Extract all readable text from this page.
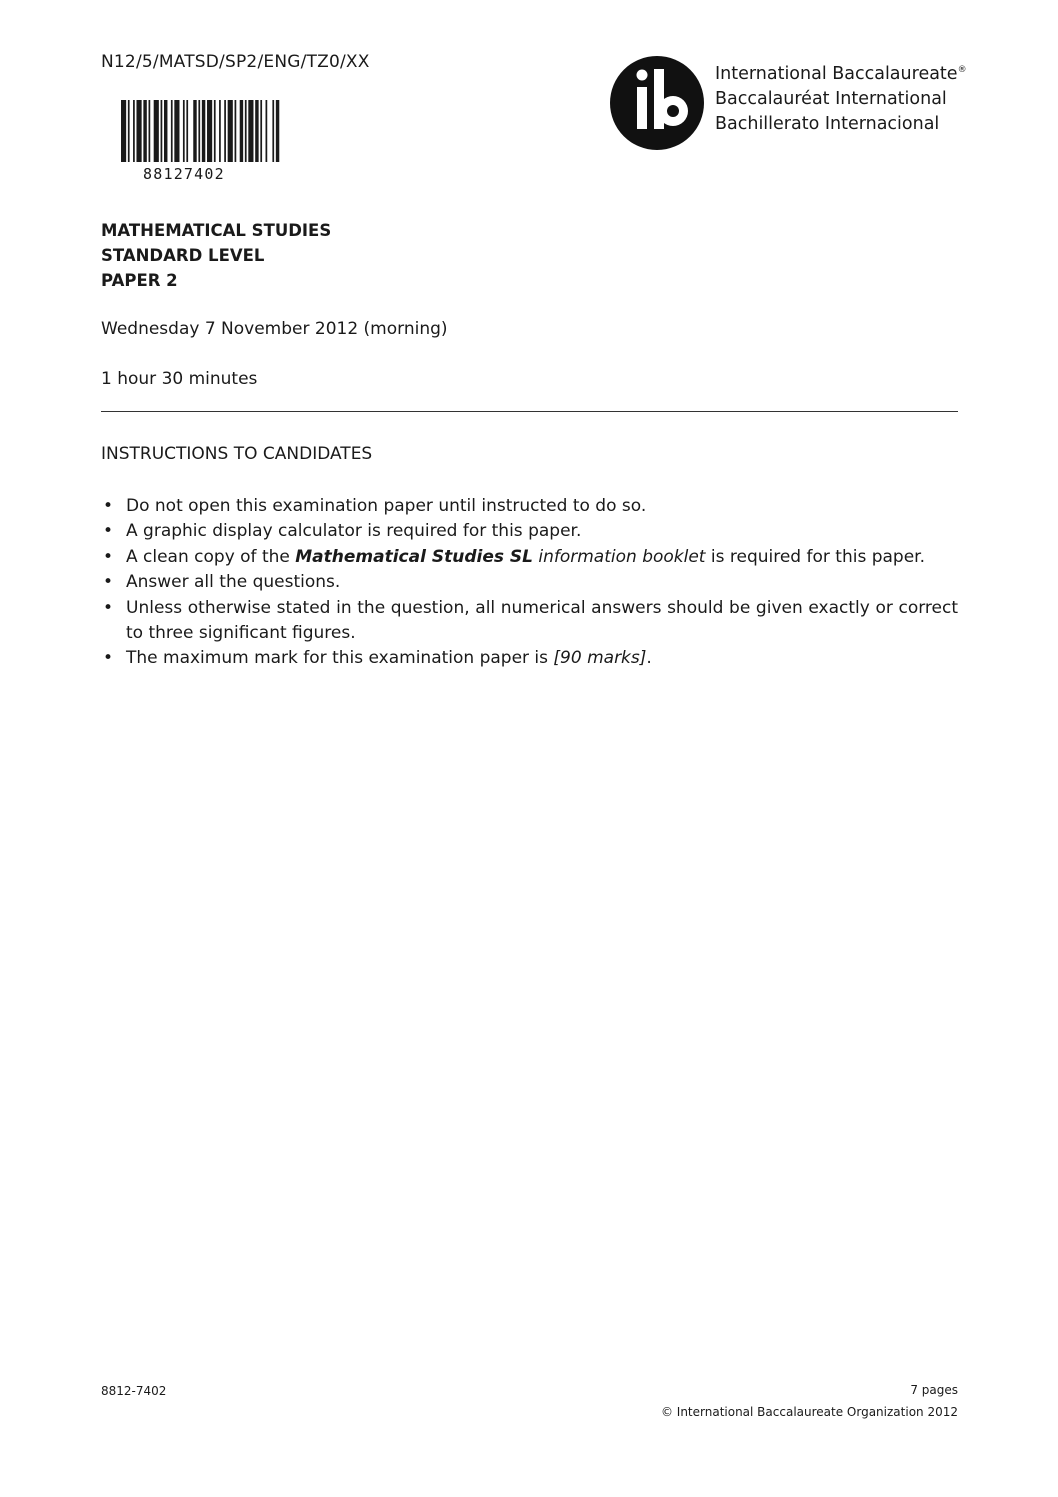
N12/5/MATSD/SP2/ENG/TZ0/XX
88127402
International Baccalaureate®
Baccalauréat International
Bachillerato Internacional
MATHEMATICAL STUDIES
STANDARD LEVEL
PAPER 2
Wednesday 7 November 2012 (morning)
1 hour 30 minutes
INSTRUCTIONS TO CANDIDATES
• Do not open this examination paper until instructed to do so.
• A graphic display calculator is required for this paper.
• A clean copy of the Mathematical Studies SL information booklet is required for this paper.
• Answer all the questions.
• Unless otherwise stated in the question, all numerical answers should be given exactly or correct to three significant figures.
• The maximum mark for this examination paper is [90 marks].
8812-7402	7 pages
© International Baccalaureate Organization 2012
